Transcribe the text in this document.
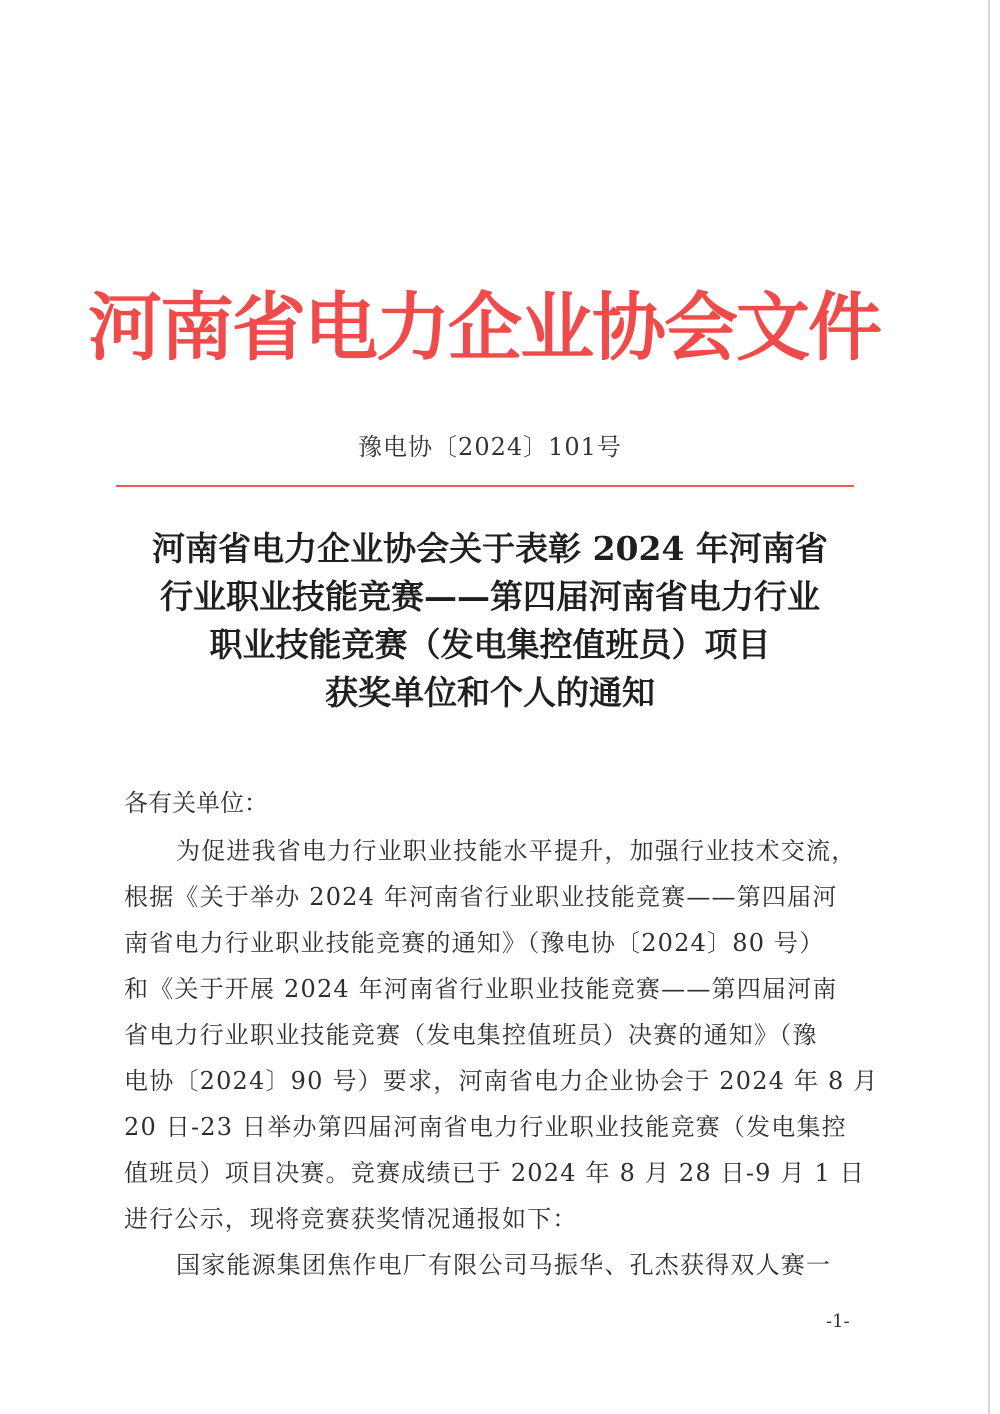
河南省电力企业协会文件
豫电协〔2024〕101号
河南省电力企业协会关于表彰 2024 年河南省
行业职业技能竞赛——第四届河南省电力行业
职业技能竞赛（发电集控值班员）项目
获奖单位和个人的通知
各有关单位：
为促进我省电力行业职业技能水平提升，加强行业技术交流，
根据《关于举办 2024 年河南省行业职业技能竞赛——第四届河
南省电力行业职业技能竞赛的通知》（豫电协〔2024〕80 号）
和《关于开展 2024 年河南省行业职业技能竞赛——第四届河南
省电力行业职业技能竞赛（发电集控值班员）决赛的通知》（豫
电协〔2024〕90 号）要求，河南省电力企业协会于 2024 年 8 月
20 日-23 日举办第四届河南省电力行业职业技能竞赛（发电集控
值班员）项目决赛。竞赛成绩已于 2024 年 8 月 28 日-9 月 1 日
进行公示，现将竞赛获奖情况通报如下：
国家能源集团焦作电厂有限公司马振华、孔杰获得双人赛一
-1-
